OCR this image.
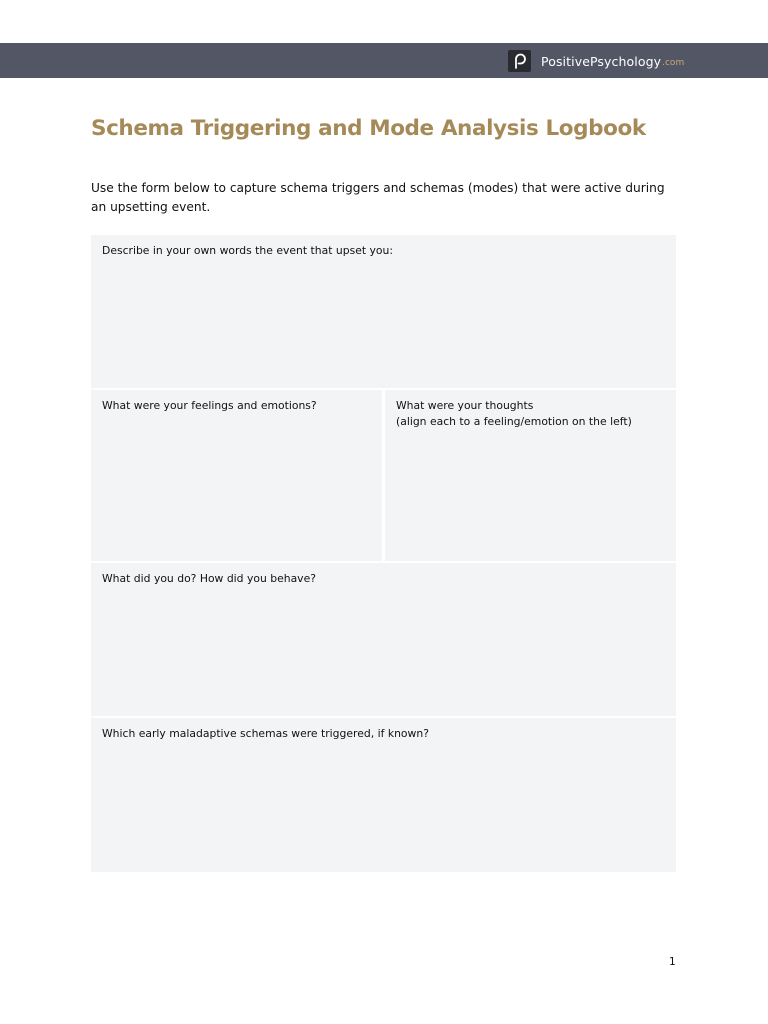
PositivePsychology .com
Schema Triggering and Mode Analysis Logbook

Use the form below to capture schema triggers and schemas (modes) that were active during an upsetting event.

Describe in your own words the event that upset you:
What were your feelings and emotions?	What were your thoughts
(align each to a feeling/emotion on the left)
What did you do? How did you behave?
Which early maladaptive schemas were triggered, if known?
1
